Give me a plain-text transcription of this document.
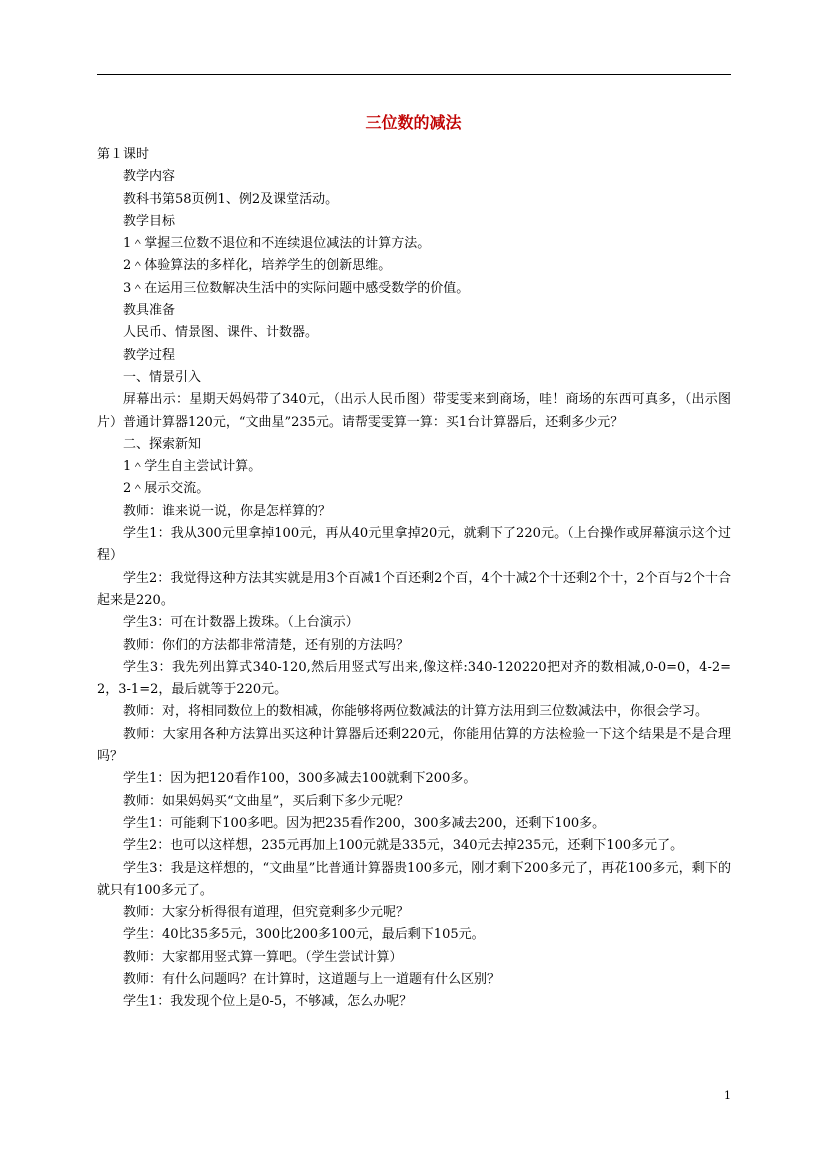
三位数的减法

第１课时

教学内容

教科书第58页例1、例2及课堂活动。

教学目标

1＾掌握三位数不退位和不连续退位减法的计算方法。

2＾体验算法的多样化，培养学生的创新思维。

3＾在运用三位数解决生活中的实际问题中感受数学的价值。

教具准备

人民币、情景图、课件、计数器。

教学过程

一、情景引入

屏幕出示：星期天妈妈带了340元，（出示人民币图）带雯雯来到商场，哇！商场的东西可真多，（出示图片）普通计算器120元，“文曲星”235元。请帮雯雯算一算：买1台计算器后，还剩多少元？

二、探索新知

1＾学生自主尝试计算。

2＾展示交流。

教师：谁来说一说，你是怎样算的？

学生1：我从300元里拿掉100元，再从40元里拿掉20元，就剩下了220元。（上台操作或屏幕演示这个过程）

学生2：我觉得这种方法其实就是用3个百减1个百还剩2个百，4个十减2个十还剩2个十，2个百与2个十合起来是220。

学生3：可在计数器上拨珠。（上台演示）

教师：你们的方法都非常清楚，还有别的方法吗？

学生3：我先列出算式340-120,然后用竖式写出来,像这样:340-120220把对齐的数相减,0-0=0，4-2=2，3-1=2，最后就等于220元。

教师：对，将相同数位上的数相减，你能够将两位数减法的计算方法用到三位数减法中，你很会学习。

教师：大家用各种方法算出买这种计算器后还剩220元，你能用估算的方法检验一下这个结果是不是合理吗？

学生1：因为把120看作100，300多减去100就剩下200多。

教师：如果妈妈买“文曲星”，买后剩下多少元呢？

学生1：可能剩下100多吧。因为把235看作200，300多减去200，还剩下100多。

学生2：也可以这样想，235元再加上100元就是335元，340元去掉235元，还剩下100多元了。

学生3：我是这样想的，“文曲星”比普通计算器贵100多元，刚才剩下200多元了，再花100多元，剩下的就只有100多元了。

教师：大家分析得很有道理，但究竟剩多少元呢？

学生：40比35多5元，300比200多100元，最后剩下105元。

教师：大家都用竖式算一算吧。（学生尝试计算）

教师：有什么问题吗？在计算时，这道题与上一道题有什么区别？

学生1：我发现个位上是0-5，不够减，怎么办呢？

1
